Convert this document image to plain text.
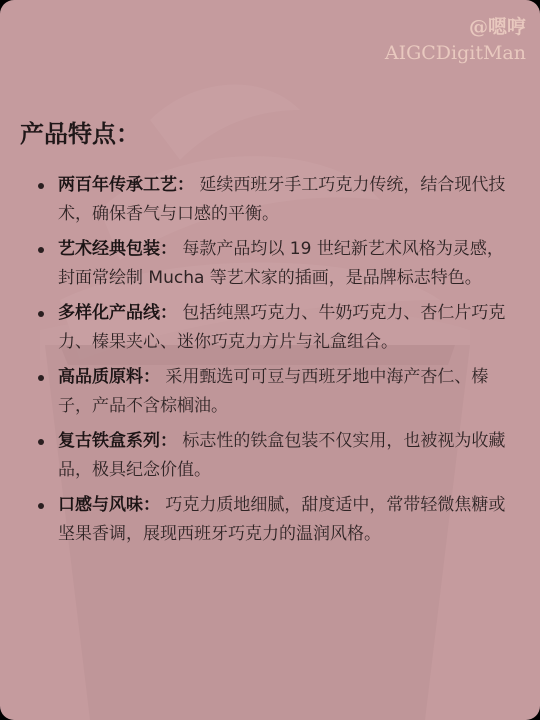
@嗯哼
AIGCDigitMan
产品特点：
两百年传承工艺： 延续西班牙手工巧克力传统，结合现代技术，确保香气与口感的平衡。
艺术经典包装： 每款产品均以 19 世纪新艺术风格为灵感，封面常绘制 Mucha 等艺术家的插画，是品牌标志特色。
多样化产品线： 包括纯黑巧克力、牛奶巧克力、杏仁片巧克力、榛果夹心、迷你巧克力方片与礼盒组合。
高品质原料： 采用甄选可可豆与西班牙地中海产杏仁、榛子，产品不含棕榈油。
复古铁盒系列： 标志性的铁盒包装不仅实用，也被视为收藏品，极具纪念价值。
口感与风味： 巧克力质地细腻，甜度适中，常带轻微焦糖或坚果香调，展现西班牙巧克力的温润风格。
